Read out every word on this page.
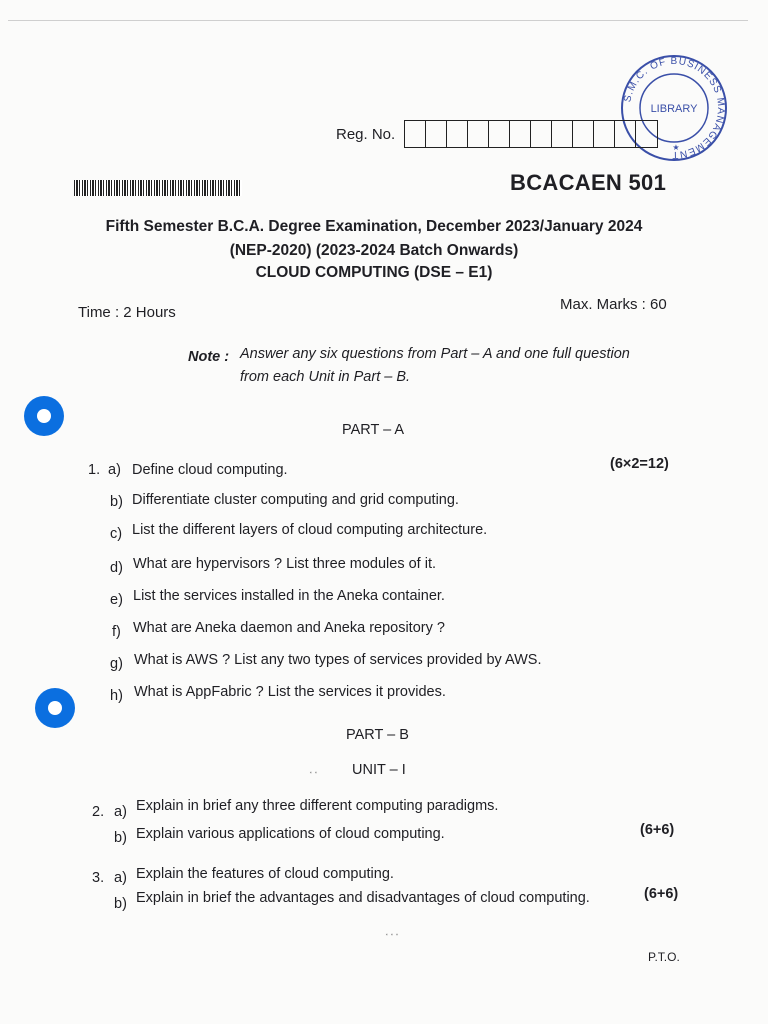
S.M.C. OF BUSINESS MANAGEMENT
LIBRARY
★
Reg. No.
BCACAEN 501
Fifth Semester B.C.A. Degree Examination, December 2023/January 2024
(NEP-2020) (2023-2024 Batch Onwards)
CLOUD COMPUTING (DSE – E1)
Time : 2 Hours	Max. Marks : 60
Note : Answer any six questions from Part – A and one full question from each Unit in Part – B.
PART – A
1.	(6×2=12)
a) Define cloud computing.
b) Differentiate cluster computing and grid computing.
c) List the different layers of cloud computing architecture.
d) What are hypervisors ? List three modules of it.
e) List the services installed in the Aneka container.
f) What are Aneka daemon and Aneka repository ?
g) What is AWS ? List any two types of services provided by AWS.
h) What is AppFabric ? List the services it provides.
PART – B
⸼ ⸼ UNIT – I
2. a) Explain in brief any three different computing paradigms.
b) Explain various applications of cloud computing.	(6+6)
3. a) Explain the features of cloud computing.
b) Explain in brief the advantages and disadvantages of cloud computing.	(6+6)
⸼ ⸼ ⸼
P.T.O.
